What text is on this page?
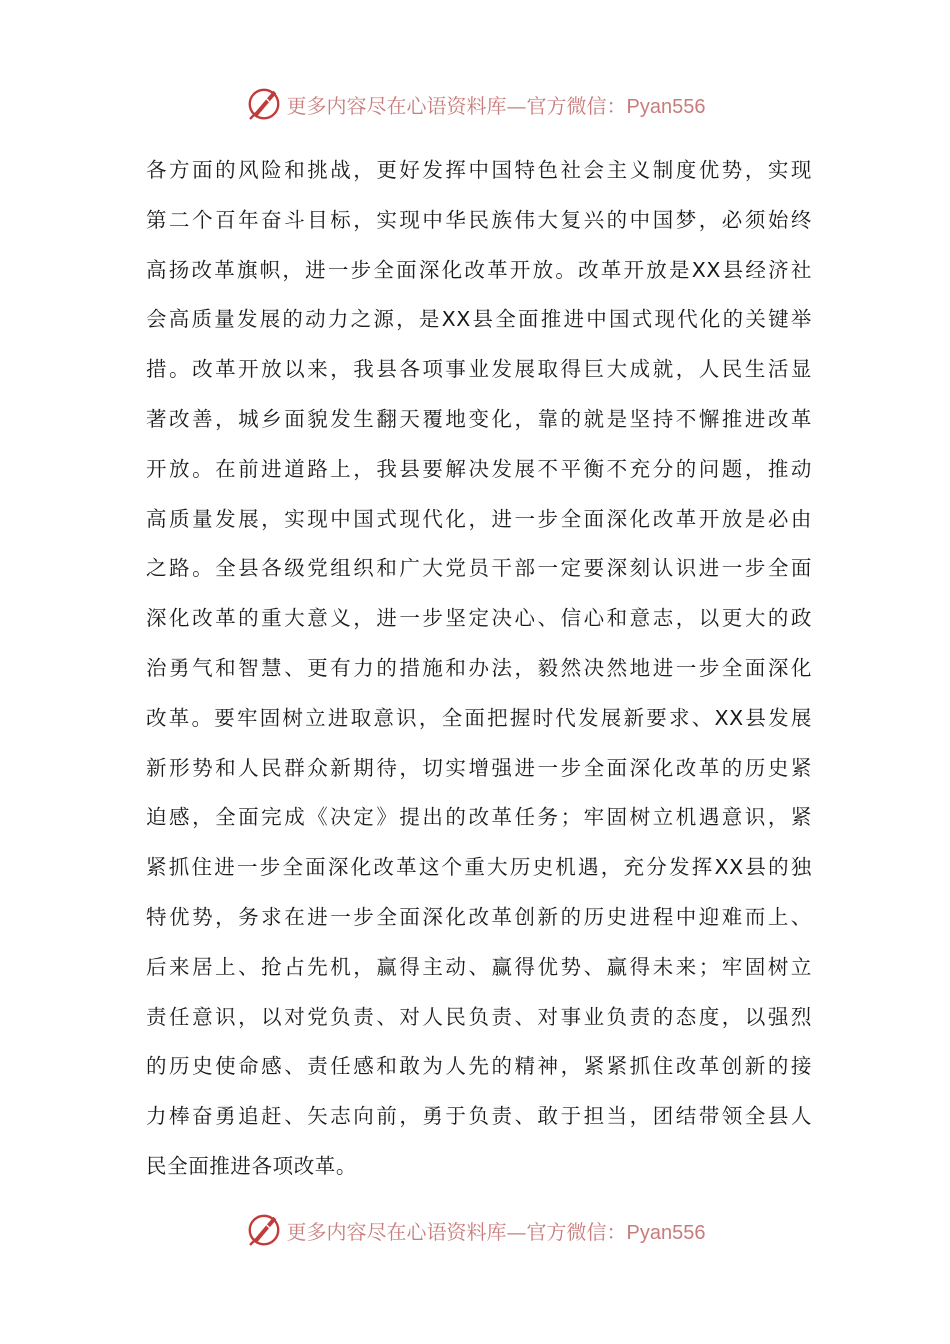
更多内容尽在心语资料库—官方微信：Pyan556
各方面的风险和挑战，更好发挥中国特色社会主义制度优势，实现
第二个百年奋斗目标，实现中华民族伟大复兴的中国梦，必须始终
高扬改革旗帜，进一步全面深化改革开放。改革开放是XX县经济社
会高质量发展的动力之源，是XX县全面推进中国式现代化的关键举
措。改革开放以来，我县各项事业发展取得巨大成就，人民生活显
著改善，城乡面貌发生翻天覆地变化，靠的就是坚持不懈推进改革
开放。在前进道路上，我县要解决发展不平衡不充分的问题，推动
高质量发展，实现中国式现代化，进一步全面深化改革开放是必由
之路。全县各级党组织和广大党员干部一定要深刻认识进一步全面
深化改革的重大意义，进一步坚定决心、信心和意志，以更大的政
治勇气和智慧、更有力的措施和办法，毅然决然地进一步全面深化
改革。要牢固树立进取意识，全面把握时代发展新要求、XX县发展
新形势和人民群众新期待，切实增强进一步全面深化改革的历史紧
迫感，全面完成《决定》提出的改革任务；牢固树立机遇意识，紧
紧抓住进一步全面深化改革这个重大历史机遇，充分发挥XX县的独
特优势，务求在进一步全面深化改革创新的历史进程中迎难而上、
后来居上、抢占先机，赢得主动、赢得优势、赢得未来；牢固树立
责任意识，以对党负责、对人民负责、对事业负责的态度，以强烈
的历史使命感、责任感和敢为人先的精神，紧紧抓住改革创新的接
力棒奋勇追赶、矢志向前，勇于负责、敢于担当，团结带领全县人
民全面推进各项改革。
更多内容尽在心语资料库—官方微信：Pyan556
